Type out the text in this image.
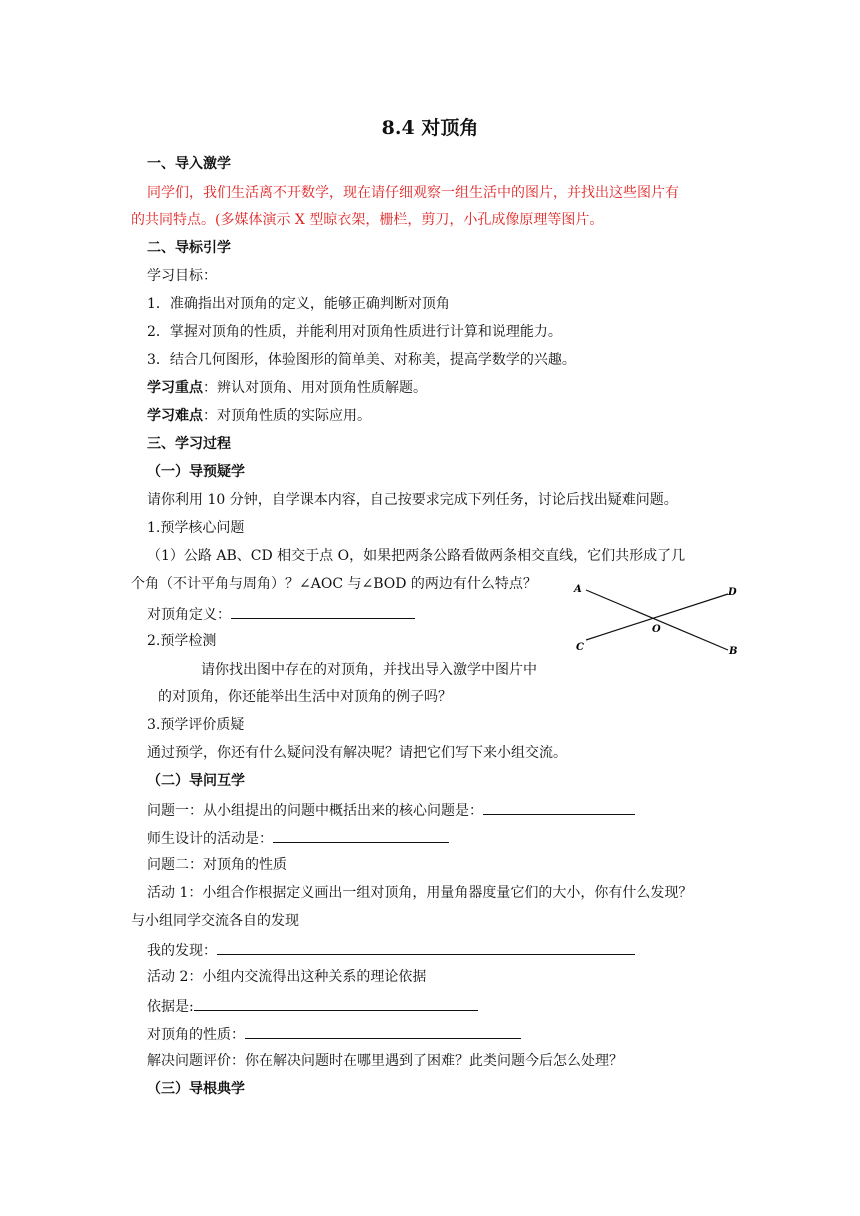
8.4 对顶角
一、导入激学
同学们，我们生活离不开数学，现在请仔细观察一组生活中的图片，并找出这些图片有
的共同特点。(多媒体演示 X 型晾衣架，栅栏，剪刀，小孔成像原理等图片。
二、导标引学
学习目标：
1．准确指出对顶角的定义，能够正确判断对顶角
2．掌握对顶角的性质，并能利用对顶角性质进行计算和说理能力。
3．结合几何图形，体验图形的简单美、对称美，提高学数学的兴趣。
学习重点：辨认对顶角、用对顶角性质解题。
学习难点：对顶角性质的实际应用。
三、学习过程
（一）导预疑学
请你利用 10 分钟，自学课本内容，自己按要求完成下列任务，讨论后找出疑难问题。
1.预学核心问题
（1）公路 AB、CD 相交于点 O，如果把两条公路看做两条相交直线，它们共形成了几
个角（不计平角与周角）？∠AOC 与∠BOD 的两边有什么特点？
对顶角定义：
A
B
C
D
O
2.预学检测
请你找出图中存在的对顶角，并找出导入激学中图片中
的对顶角，你还能举出生活中对顶角的例子吗？
3.预学评价质疑
通过预学，你还有什么疑问没有解决呢？请把它们写下来小组交流。
（二）导问互学
问题一：从小组提出的问题中概括出来的核心问题是：
师生设计的活动是：
问题二：对顶角的性质
活动 1：小组合作根据定义画出一组对顶角，用量角器度量它们的大小，你有什么发现？
与小组同学交流各自的发现
我的发现：
活动 2：小组内交流得出这种关系的理论依据
依据是:
对顶角的性质：
解决问题评价：你在解决问题时在哪里遇到了困难？此类问题今后怎么处理？
（三）导根典学
